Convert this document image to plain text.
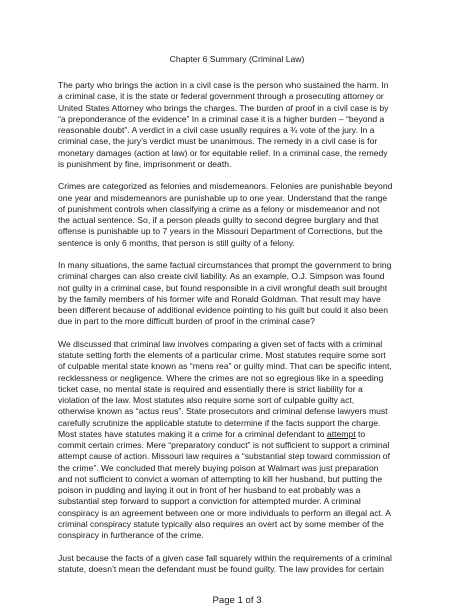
Chapter 6 Summary (Criminal Law)
The party who brings the action in a civil case is the person who sustained the harm. In
a criminal case, it is the state or federal government through a prosecuting attorney or
United States Attorney who brings the charges. The burden of proof in a civil case is by
“a preponderance of the evidence” In a criminal case it is a higher burden – “beyond a
reasonable doubt”. A verdict in a civil case usually requires a ¾ vote of the jury. In a
criminal case, the jury’s verdict must be unanimous. The remedy in a civil case is for
monetary damages (action at law) or for equitable relief. In a criminal case, the remedy
is punishment by fine, imprisonment or death.
Crimes are categorized as felonies and misdemeanors. Felonies are punishable beyond
one year and misdemeanors are punishable up to one year. Understand that the range
of punishment controls when classifying a crime as a felony or misdemeanor and not
the actual sentence. So, if a person pleads guilty to second degree burglary and that
offense is punishable up to 7 years in the Missouri Department of Corrections, but the
sentence is only 6 months, that person is still guilty of a felony.
In many situations, the same factual circumstances that prompt the government to bring
criminal charges can also create civil liability. As an example, O.J. Simpson was found
not guilty in a criminal case, but found responsible in a civil wrongful death suit brought
by the family members of his former wife and Ronald Goldman. That result may have
been different because of additional evidence pointing to his guilt but could it also been
due in part to the more difficult burden of proof in the criminal case?
We discussed that criminal law involves comparing a given set of facts with a criminal
statute setting forth the elements of a particular crime. Most statutes require some sort
of culpable mental state known as “mens rea” or guilty mind. That can be specific intent,
recklessness or negligence. Where the crimes are not so egregious like in a speeding
ticket case, no mental state is required and essentially there is strict liability for a
violation of the law. Most statutes also require some sort of culpable guilty act,
otherwise known as “actus reus”. State prosecutors and criminal defense lawyers must
carefully scrutinize the applicable statute to determine if the facts support the charge.
Most states have statutes making it a crime for a criminal defendant to attempt to
commit certain crimes. Mere “preparatory conduct” is not sufficient to support a criminal
attempt cause of action. Missouri law requires a “substantial step toward commission of
the crime”. We concluded that merely buying poison at Walmart was just preparation
and not sufficient to convict a woman of attempting to kill her husband, but putting the
poison in pudding and laying it out in front of her husband to eat probably was a
substantial step forward to support a conviction for attempted murder. A criminal
conspiracy is an agreement between one or more individuals to perform an illegal act. A
criminal conspiracy statute typically also requires an overt act by some member of the
conspiracy in furtherance of the crime.
Just because the facts of a given case fall squarely within the requirements of a criminal
statute, doesn’t mean the defendant must be found guilty. The law provides for certain
Page 1 of 3
